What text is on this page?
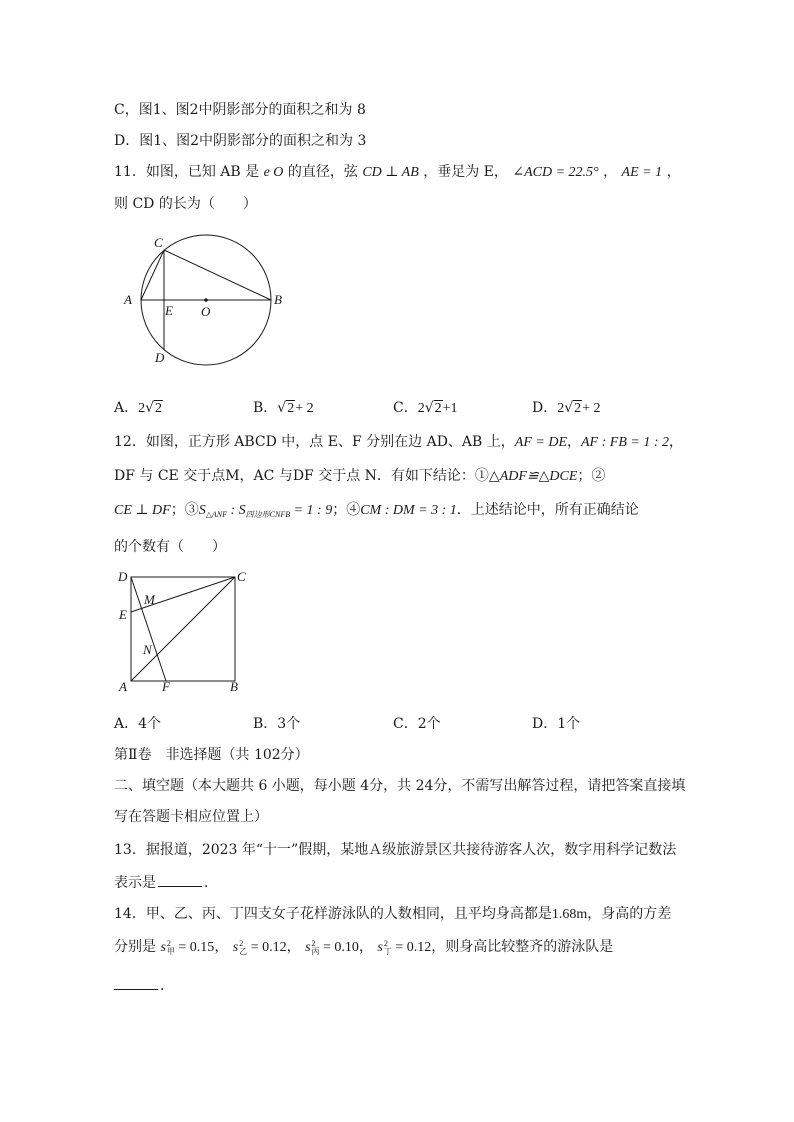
C，图1、图2中阴影部分的面积之和为 8
D．图1、图2中阴影部分的面积之和为 3
11．如图，已知 AB 是 e O 的直径，弦 CD ⊥ AB ，垂足为 E， ∠ACD = 22.5° ， AE = 1 ，
则 CD 的长为（　　）
A	B
C
D
E O
A．2√2	B．√2+ 2	C．2√2+1	D．2√2+ 2
12．如图，正方形 ABCD 中，点 E、F 分别在边 AD、AB 上，AF = DE，AF : FB = 1 : 2，
DF 与 CE 交于点M，AC 与DF 交于点 N．有如下结论：①△ADF≌△DCE；②
CE ⊥ DF；$③S_{\triangle ANF}$ : $S_{四边形CNFB} = 1$ : 9；④CM : DM = 3 : 1．上述结论中，所有正确结论
的个数有（　　）
D	C
E
M
N
A	F	B
A．4个	B．3个	C．2个	D．1个
第Ⅱ卷　非选择题（共 102分）
二、填空题（本大题共 6 小题，每小题 4分，共 24分，不需写出解答过程，请把答案直接填
写在答题卡相应位置上）
13．据报道，2023 年“十一”假期，某地Ａ级旅游景区共接待游客人次，数字用科学记数法
表示是	．
14．甲、乙、丙、丁四支女子花样游泳队的人数相同，且平均身高都是1.68m，身高的方差
分别是 s2
甲 = 0.15， s2
乙 = 0.12， s2
丙 = 0.10， s2
丁 = 0.12，则身高比较整齐的游泳队是
．
